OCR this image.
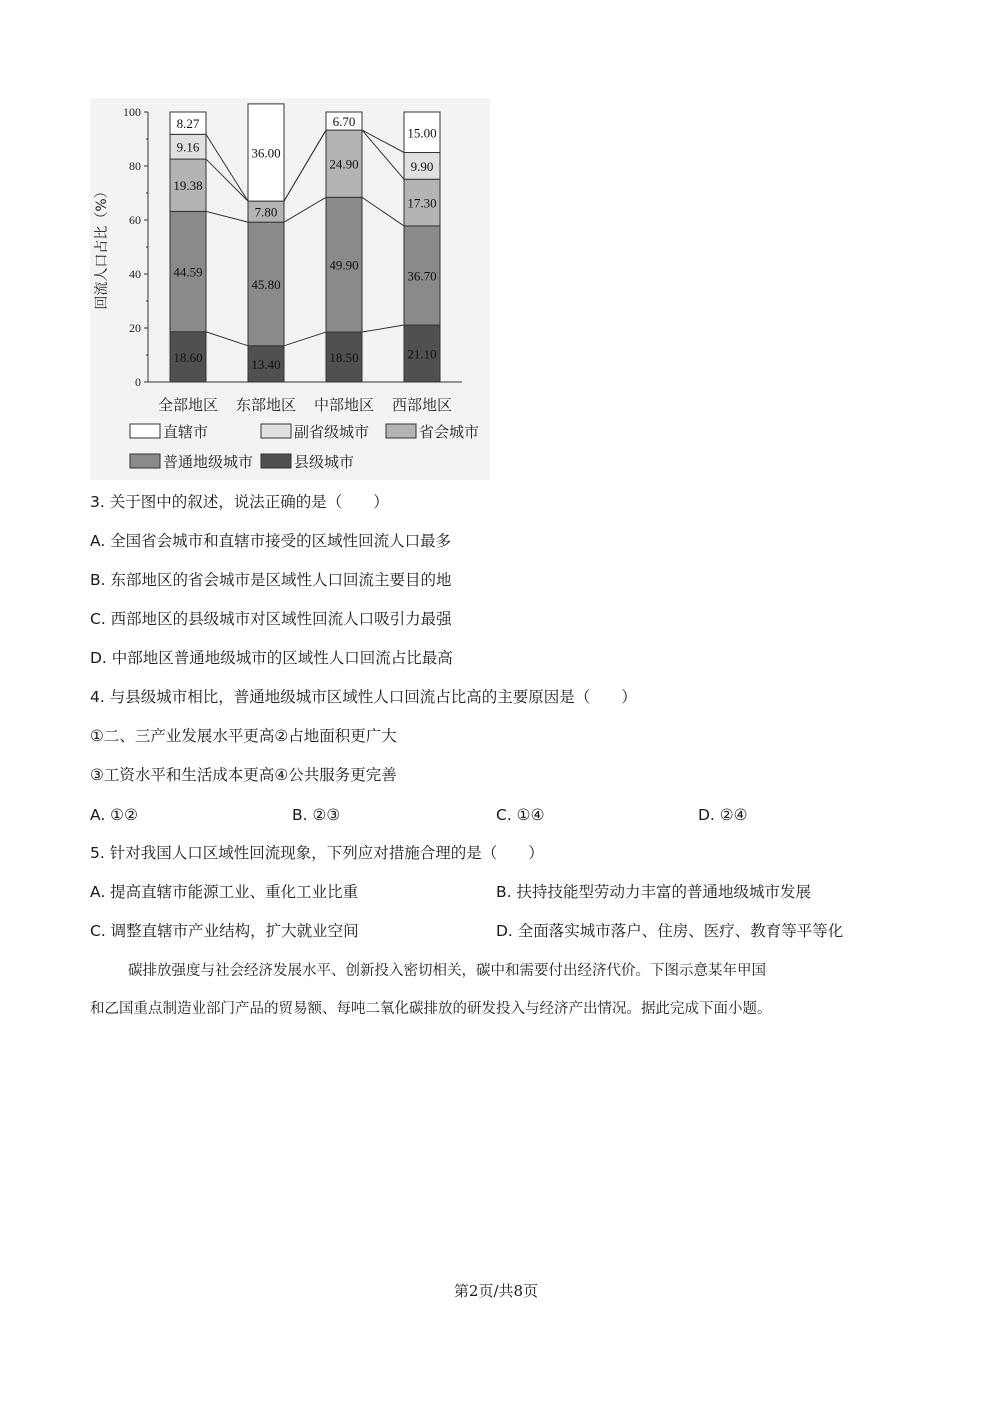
0
20
40
60
80
100
回流人口占比（%）
18.60
44.59
19.38
9.16
8.27
全部地区
13.40
45.80
7.80
36.00
东部地区
18.50
49.90
24.90
6.70
中部地区
21.10
36.70
17.30
9.90
15.00
西部地区
直辖市	副省级城市	省会城市
普通地级城市	县级城市
3. 关于图中的叙述，说法正确的是（　　）
A. 全国省会城市和直辖市接受的区域性回流人口最多
B. 东部地区的省会城市是区域性人口回流主要目的地
C. 西部地区的县级城市对区域性回流人口吸引力最强
D. 中部地区普通地级城市的区域性人口回流占比最高
4. 与县级城市相比，普通地级城市区域性人口回流占比高的主要原因是（　　）
①二、三产业发展水平更高②占地面积更广大
③工资水平和生活成本更高④公共服务更完善
A. ①②	B. ②③	C. ①④	D. ②④
5. 针对我国人口区域性回流现象，下列应对措施合理的是（　　）
A. 提高直辖市能源工业、重化工业比重	B. 扶持技能型劳动力丰富的普通地级城市发展
C. 调整直辖市产业结构，扩大就业空间	D. 全面落实城市落户、住房、医疗、教育等平等化
碳排放强度与社会经济发展水平、创新投入密切相关，碳中和需要付出经济代价。下图示意某年甲国
和乙国重点制造业部门产品的贸易额、每吨二氧化碳排放的研发投入与经济产出情况。据此完成下面小题。
第2页/共8页
